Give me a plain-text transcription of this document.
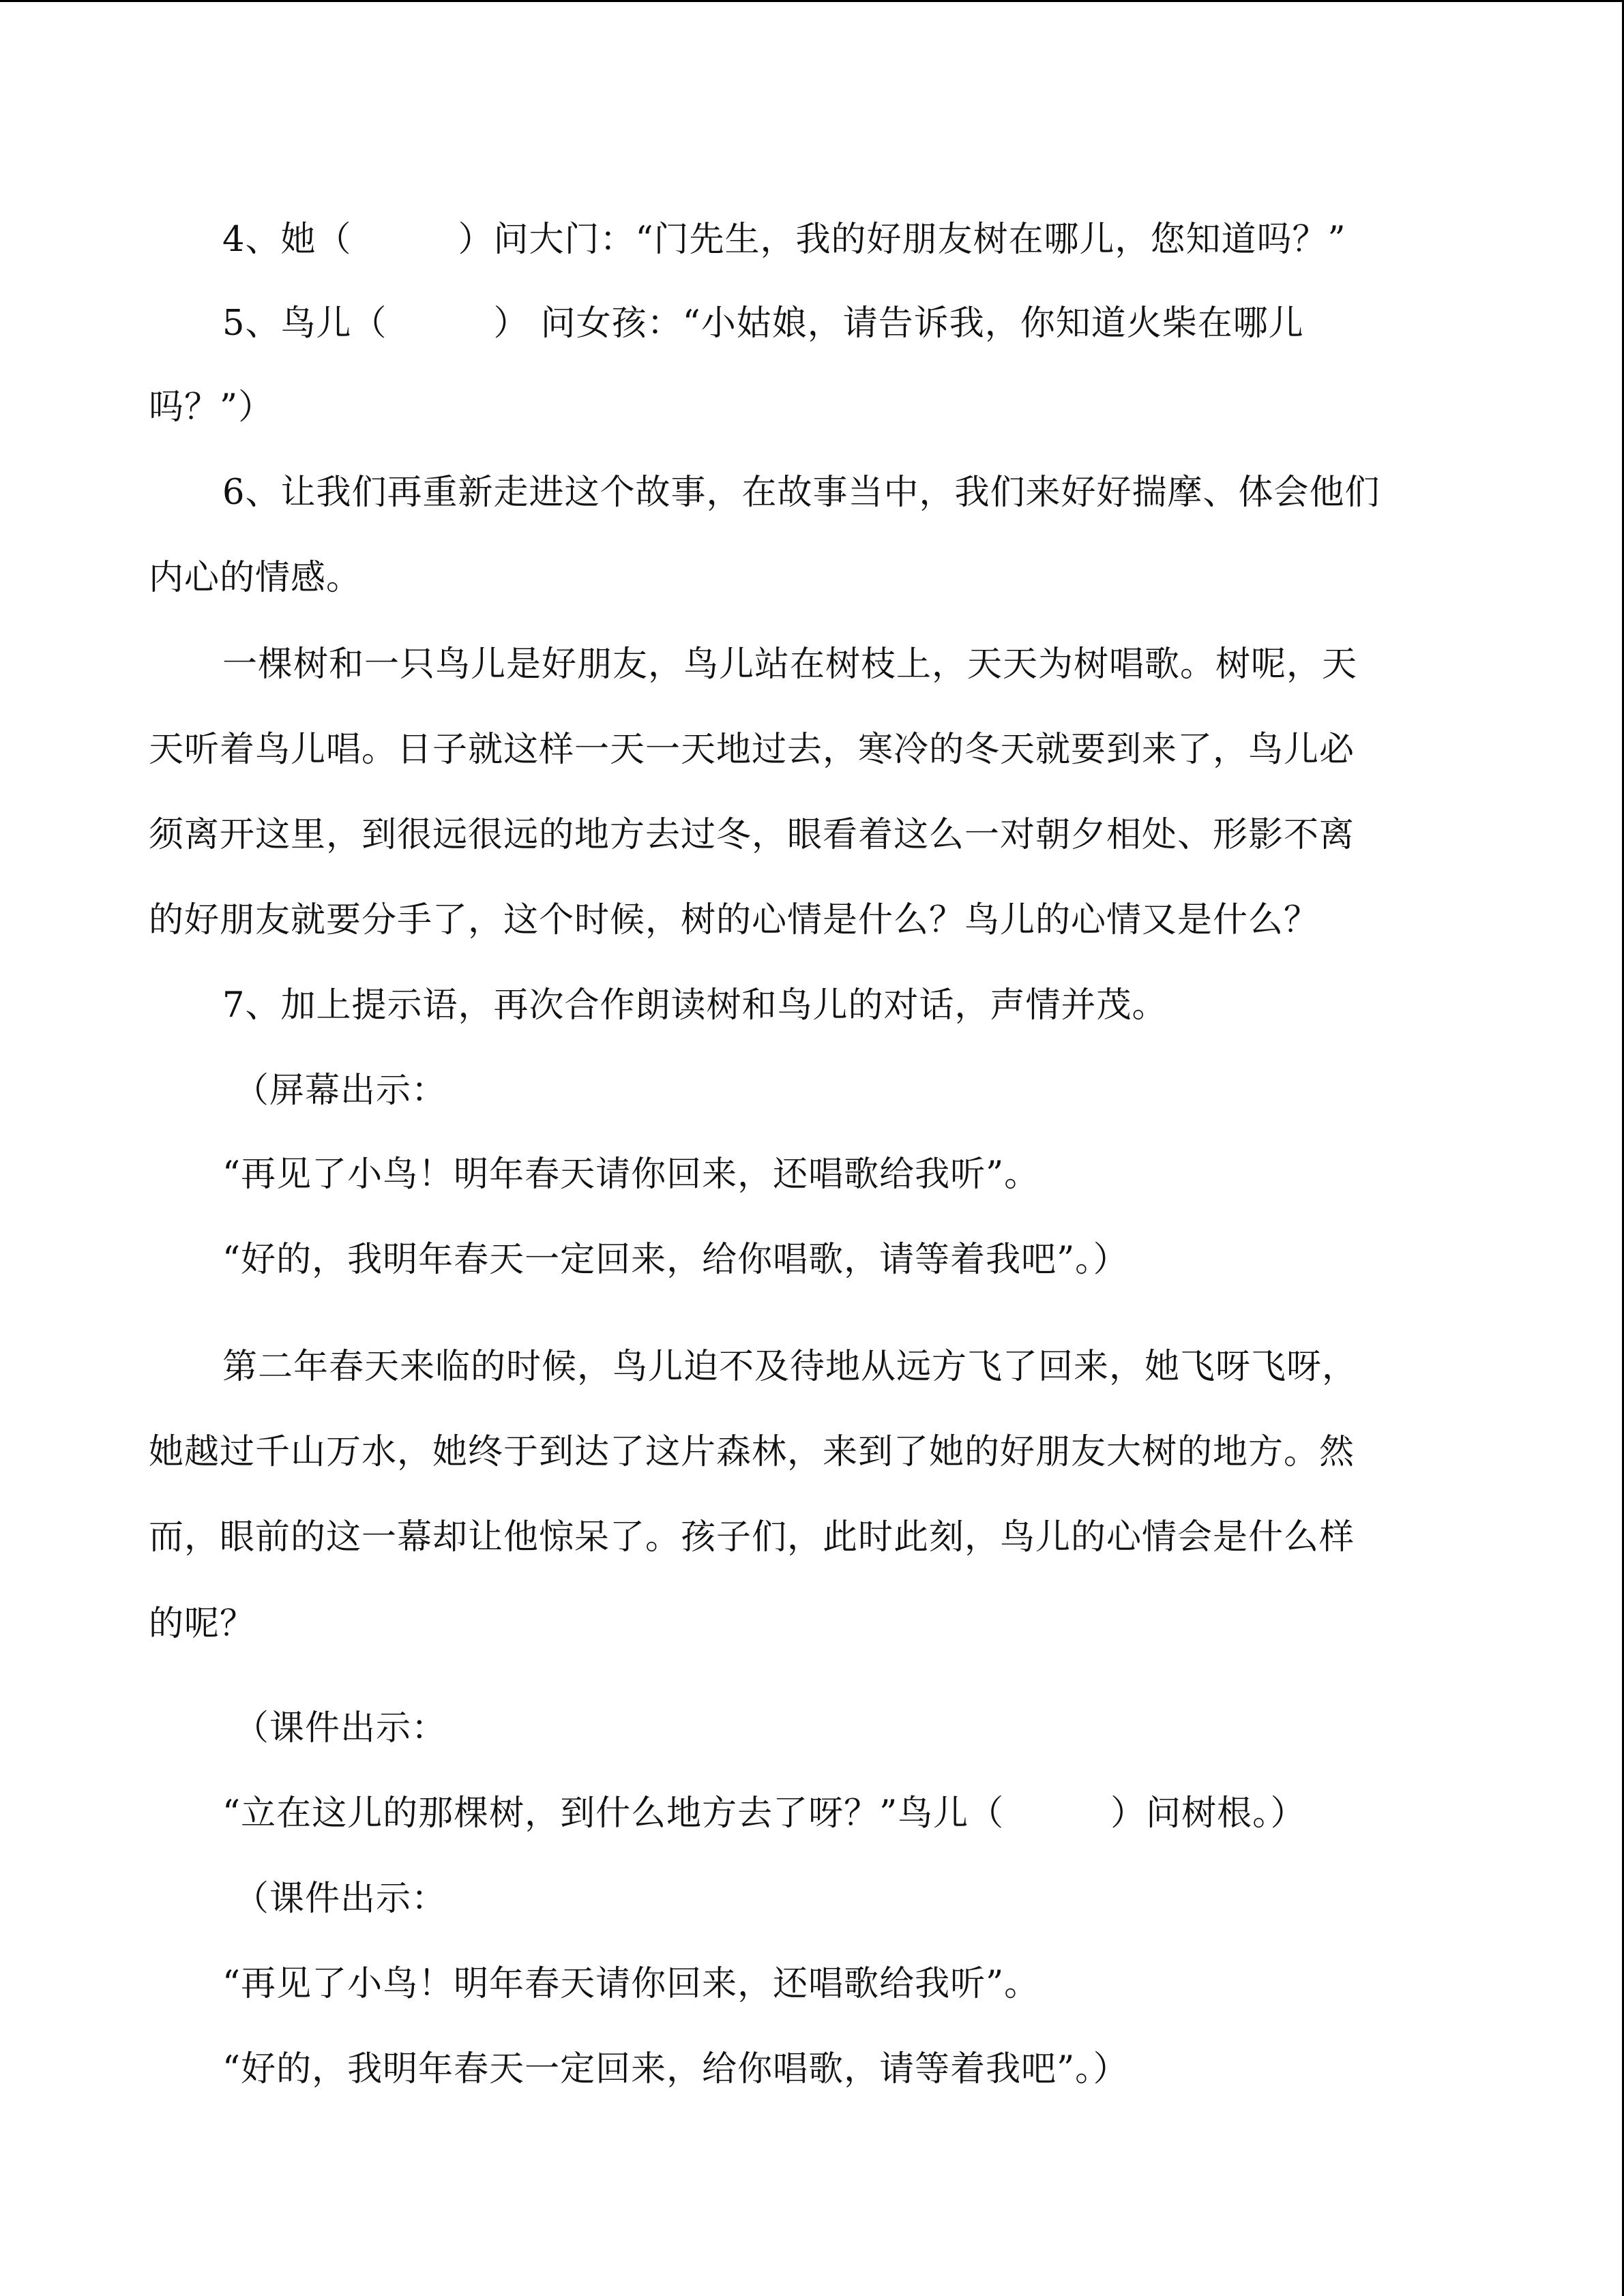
4、她（　　　）问大门：“门先生，我的好朋友树在哪儿，您知道吗？”
5、鸟儿（　　　） 问女孩：“小姑娘，请告诉我，你知道火柴在哪儿
吗？”）
6、让我们再重新走进这个故事，在故事当中，我们来好好揣摩、体会他们
内心的情感。
一棵树和一只鸟儿是好朋友，鸟儿站在树枝上，天天为树唱歌。树呢，天
天听着鸟儿唱。日子就这样一天一天地过去，寒冷的冬天就要到来了，鸟儿必
须离开这里，到很远很远的地方去过冬，眼看着这么一对朝夕相处、形影不离
的好朋友就要分手了，这个时候，树的心情是什么？鸟儿的心情又是什么？
7、加上提示语，再次合作朗读树和鸟儿的对话，声情并茂。
（屏幕出示：
“再见了小鸟！明年春天请你回来，还唱歌给我听”。
“好的，我明年春天一定回来，给你唱歌，请等着我吧”。）
第二年春天来临的时候，鸟儿迫不及待地从远方飞了回来，她飞呀飞呀，
她越过千山万水，她终于到达了这片森林，来到了她的好朋友大树的地方。然
而，眼前的这一幕却让他惊呆了。孩子们，此时此刻，鸟儿的心情会是什么样
的呢？
（课件出示：
“立在这儿的那棵树，到什么地方去了呀？”鸟儿（　　　）问树根。）
（课件出示：
“再见了小鸟！明年春天请你回来，还唱歌给我听”。
“好的，我明年春天一定回来，给你唱歌，请等着我吧”。）
